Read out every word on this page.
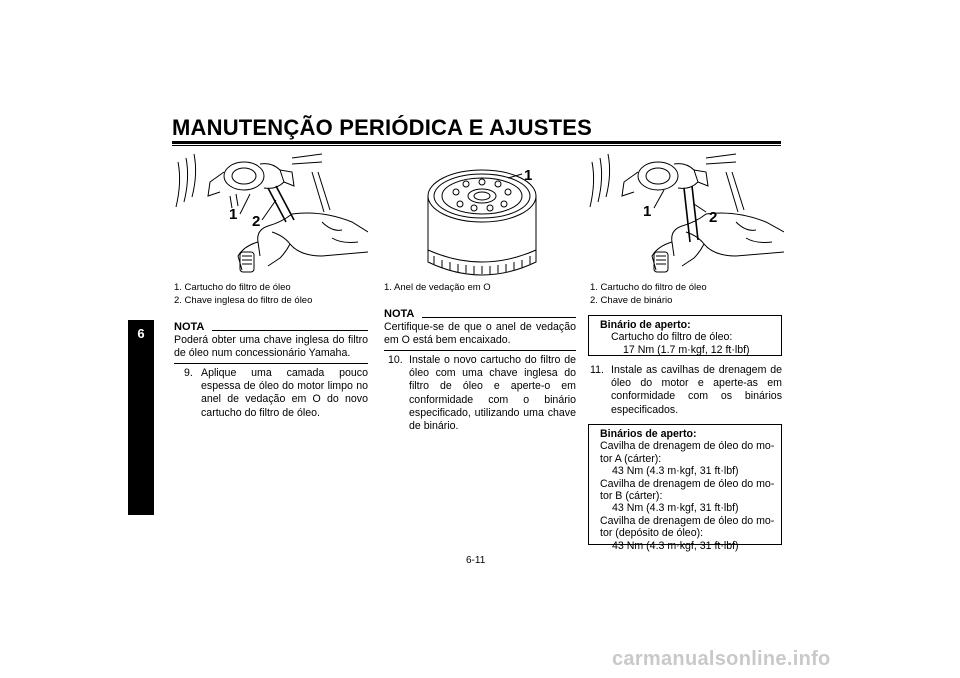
MANUTENÇÃO PERIÓDICA E AJUSTES
6
1 2
1. Cartucho do filtro de óleo
2. Chave inglesa do filtro de óleo
NOTA
Poderá obter uma chave inglesa do filtro de óleo num concessionário Yamaha.
9. Aplique uma camada pouco espessa de óleo do motor limpo no anel de vedação em O do novo cartucho do filtro de óleo.
1
1. Anel de vedação em O
NOTA
Certifique-se de que o anel de vedação em O está bem encaixado.
10. Instale o novo cartucho do filtro de óleo com uma chave inglesa do filtro de óleo e aperte-o em conformidade com o binário especificado, utilizando uma chave de binário.
1	2
1. Cartucho do filtro de óleo
2. Chave de binário
Binário de aperto:
Cartucho do filtro de óleo:
17 Nm (1.7 m·kgf, 12 ft·lbf)
11. Instale as cavilhas de drenagem de óleo do motor e aperte-as em conformidade com os binários especificados.
Binários de aperto:
Cavilha de drenagem de óleo do mo-
tor A (cárter):
43 Nm (4.3 m·kgf, 31 ft·lbf)
Cavilha de drenagem de óleo do mo-
tor B (cárter):
43 Nm (4.3 m·kgf, 31 ft·lbf)
Cavilha de drenagem de óleo do mo-
tor (depósito de óleo):
43 Nm (4.3 m·kgf, 31 ft·lbf)
6-11
carmanualsonline.info
